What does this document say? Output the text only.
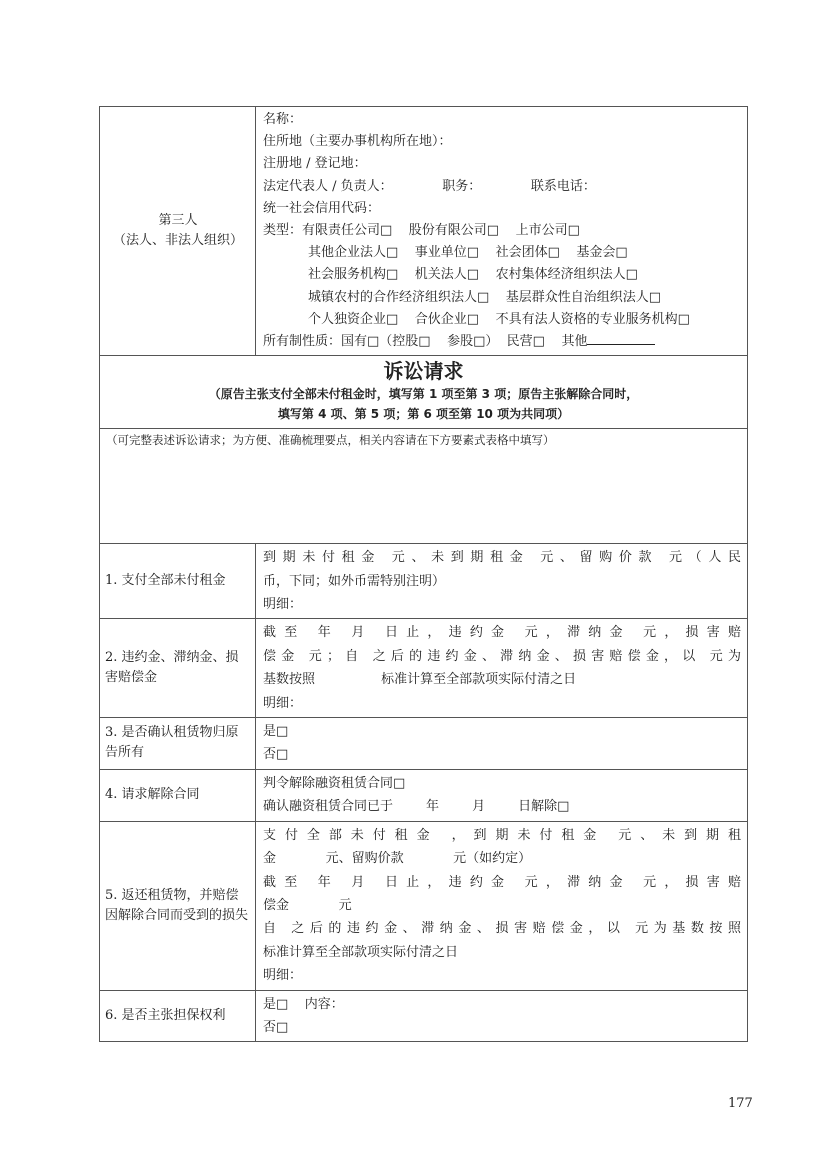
第三人
（法人、非法人组织）
名称：
住所地（主要办事机构所在地）：
注册地 / 登记地：
法定代表人 / 负责人：            职务：            联系电话：
统一社会信用代码：
类型：有限责任公司□    股份有限公司□    上市公司□
其他企业法人□    事业单位□    社会团体□    基金会□
社会服务机构□    机关法人□    农村集体经济组织法人□
城镇农村的合作经济组织法人□    基层群众性自治组织法人□
个人独资企业□    合伙企业□    不具有法人资格的专业服务机构□
所有制性质：国有□（控股□    参股□）  民营□    其他
诉讼请求
（原告主张支付全部未付租金时，填写第 1 项至第 3 项；原告主张解除合同时，
填写第 4 项、第 5 项；第 6 项至第 10 项为共同项）
（可完整表述诉讼请求；为方便、准确梳理要点，相关内容请在下方要素式表格中填写）
1. 支付全部未付租金
到期未付租金 元、未到期租金 元、留购价款 元（人民
币，下同；如外币需特别注明）
明细：
2. 违约金、滞纳金、损害赔偿金
截至 年 月 日止，违约金 元，滞纳金 元，损害赔
偿金 元；自 之后的违约金、滞纳金、损害赔偿金，以 元为
基数按照                标准计算至全部款项实际付清之日
明细：
3. 是否确认租赁物归原告所有
是□
否□
4. 请求解除合同
判令解除融资租赁合同□
确认融资租赁合同已于        年        月        日解除□
5. 返还租赁物，并赔偿因解除合同而受到的损失
支付全部未付租金 ，到期未付租金 元、未到期租
金            元、留购价款            元（如约定）
截至 年 月 日止，违约金 元，滞纳金 元，损害赔
偿金            元
自 之后的违约金、滞纳金、损害赔偿金，以 元为基数按照
标准计算至全部款项实际付清之日
明细：
6. 是否主张担保权利
是□    内容：
否□
177
